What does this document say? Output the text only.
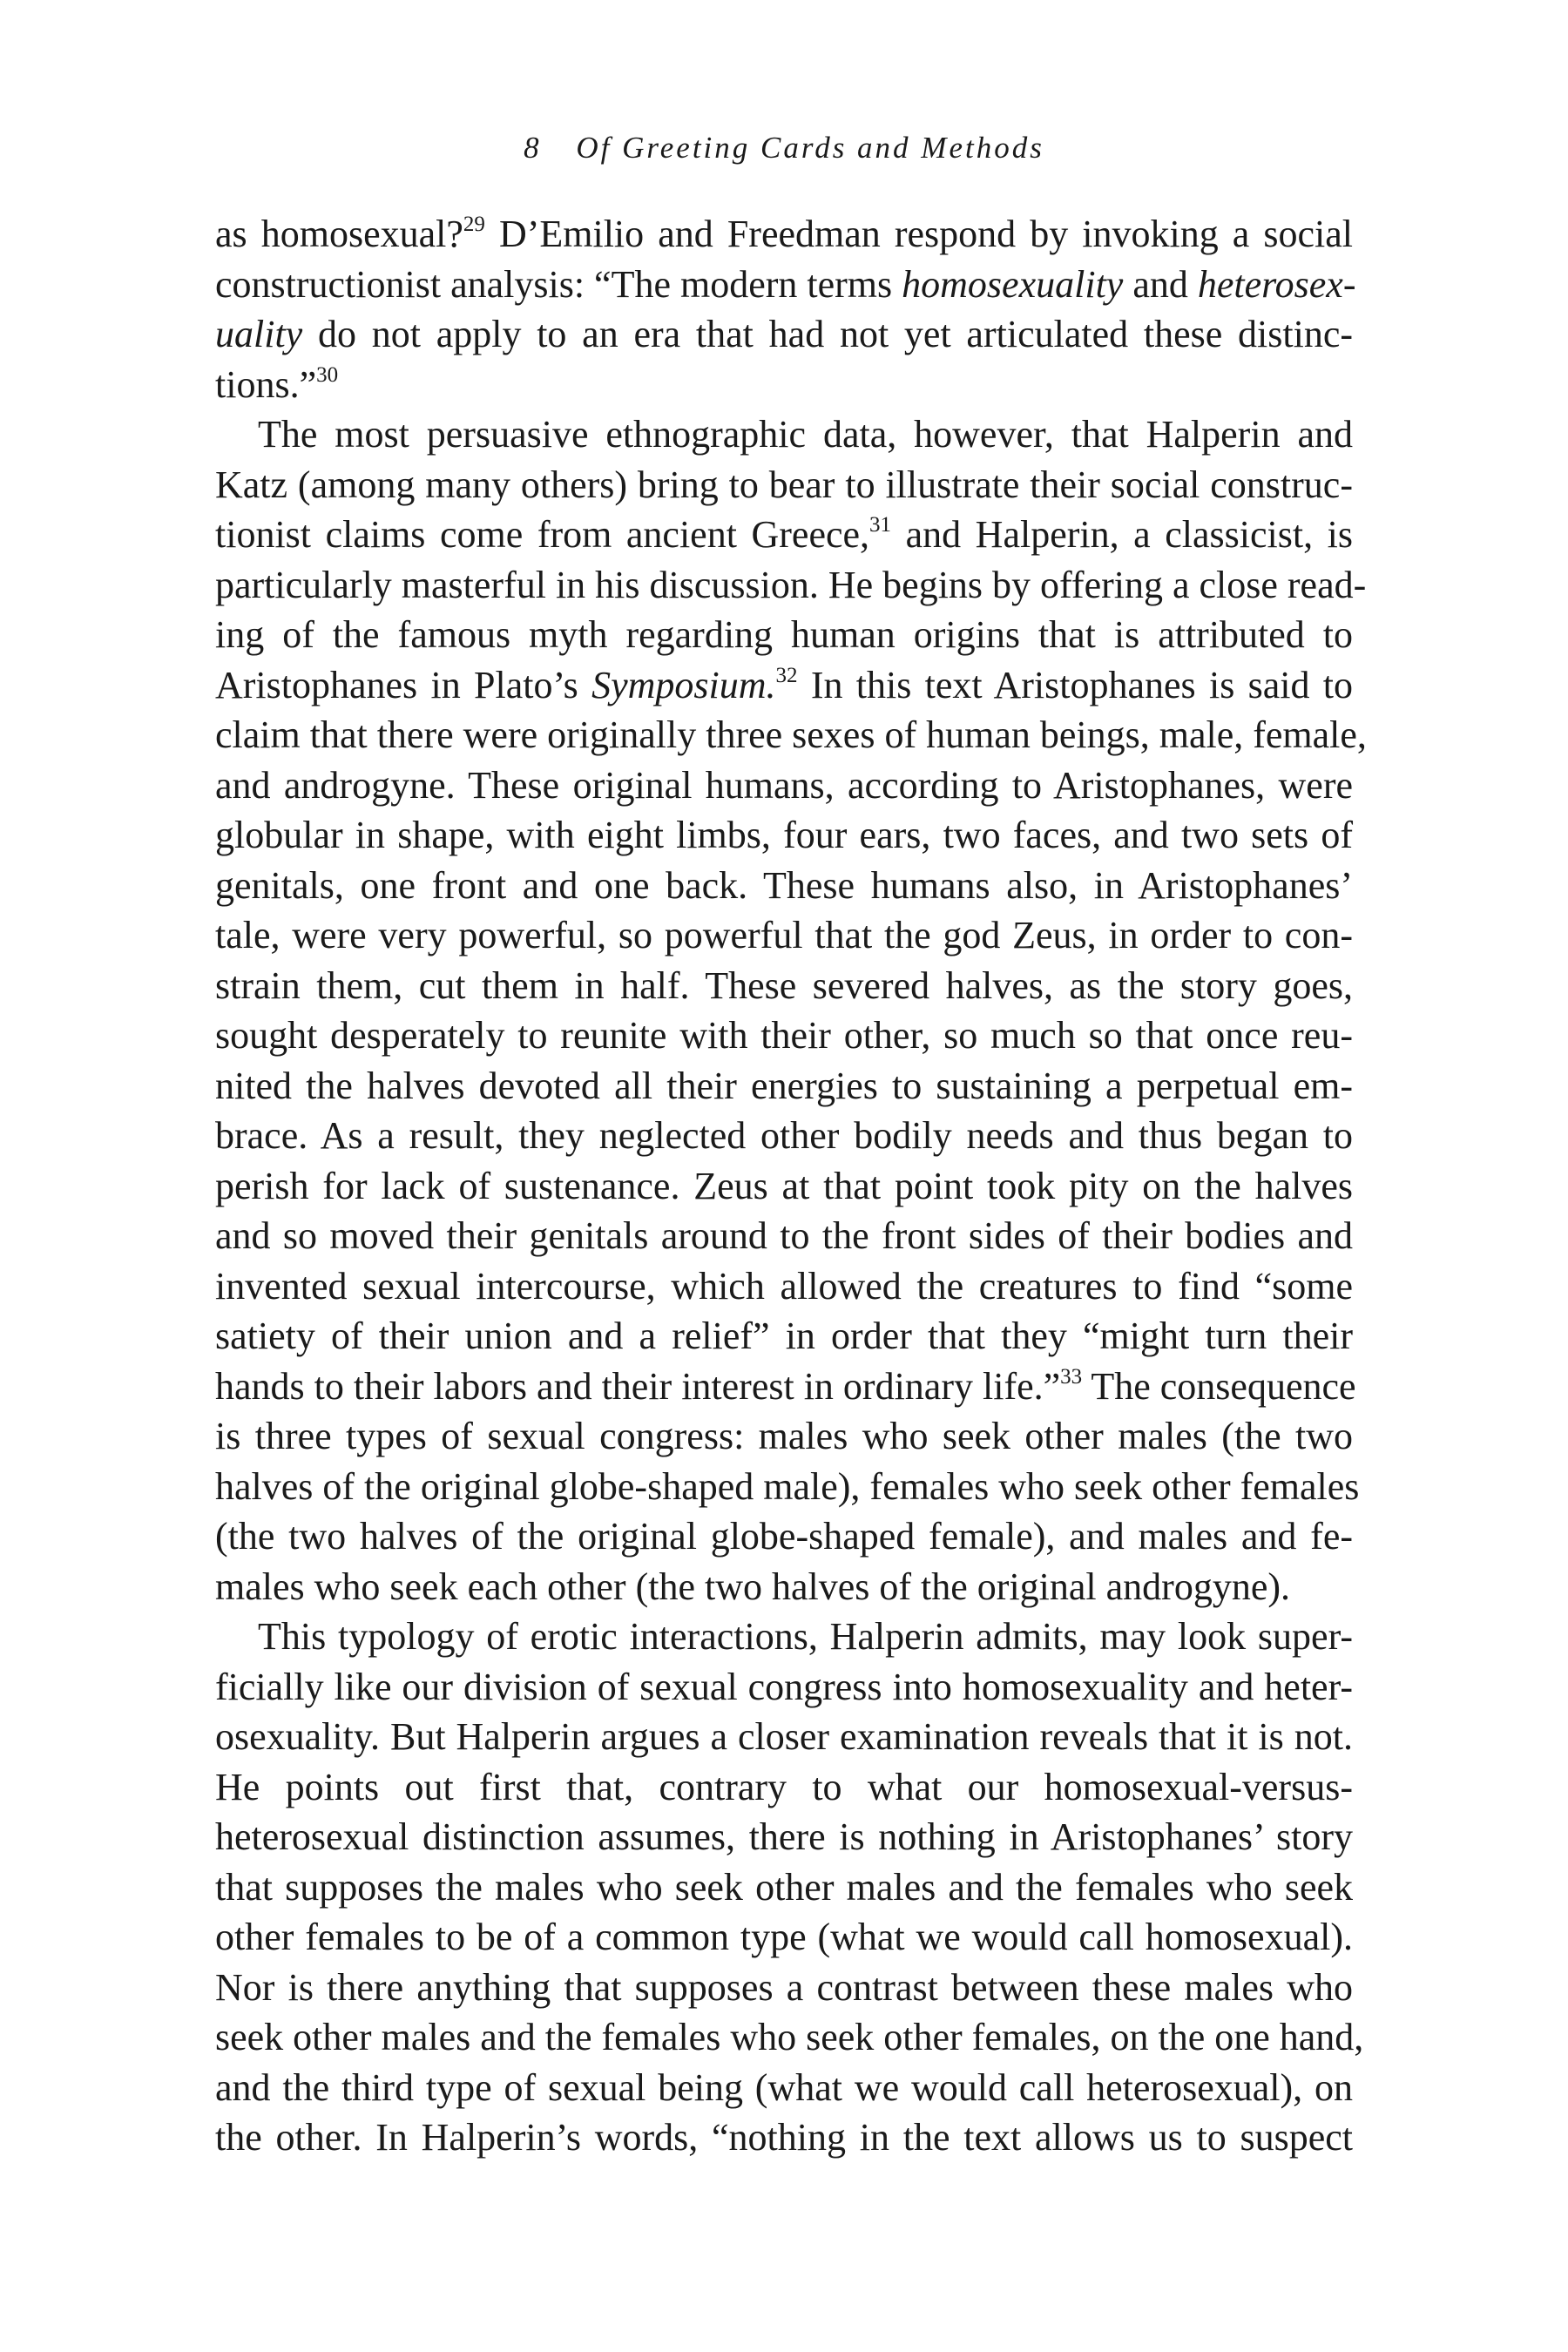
8 Of Greeting Cards and Methods
as homosexual?$^{29}$ D’Emilio and Freedman respond by invoking a social
constructionist analysis: “The modern terms homosexuality and heterosex-
uality do not apply to an era that had not yet articulated these distinc-
tions.”$^{30}$
The most persuasive ethnographic data, however, that Halperin and
Katz (among many others) bring to bear to illustrate their social construc-
tionist claims come from ancient Greece,$^{31}$ and Halperin, a classicist, is
particularly masterful in his discussion. He begins by offering a close read-
ing of the famous myth regarding human origins that is attributed to
Aristophanes in Plato’s Symposium.$^{32}$ In this text Aristophanes is said to
claim that there were originally three sexes of human beings, male, female,
and androgyne. These original humans, according to Aristophanes, were
globular in shape, with eight limbs, four ears, two faces, and two sets of
genitals, one front and one back. These humans also, in Aristophanes’
tale, were very powerful, so powerful that the god Zeus, in order to con-
strain them, cut them in half. These severed halves, as the story goes,
sought desperately to reunite with their other, so much so that once reu-
nited the halves devoted all their energies to sustaining a perpetual em-
brace. As a result, they neglected other bodily needs and thus began to
perish for lack of sustenance. Zeus at that point took pity on the halves
and so moved their genitals around to the front sides of their bodies and
invented sexual intercourse, which allowed the creatures to find “some
satiety of their union and a relief” in order that they “might turn their
hands to their labors and their interest in ordinary life.”$^{33}$ The consequence
is three types of sexual congress: males who seek other males (the two
halves of the original globe-shaped male), females who seek other females
(the two halves of the original globe-shaped female), and males and fe-
males who seek each other (the two halves of the original androgyne).
This typology of erotic interactions, Halperin admits, may look super-
ficially like our division of sexual congress into homosexuality and heter-
osexuality. But Halperin argues a closer examination reveals that it is not.
He points out first that, contrary to what our homosexual-versus-
heterosexual distinction assumes, there is nothing in Aristophanes’ story
that supposes the males who seek other males and the females who seek
other females to be of a common type (what we would call homosexual).
Nor is there anything that supposes a contrast between these males who
seek other males and the females who seek other females, on the one hand,
and the third type of sexual being (what we would call heterosexual), on
the other. In Halperin’s words, “nothing in the text allows us to suspect
